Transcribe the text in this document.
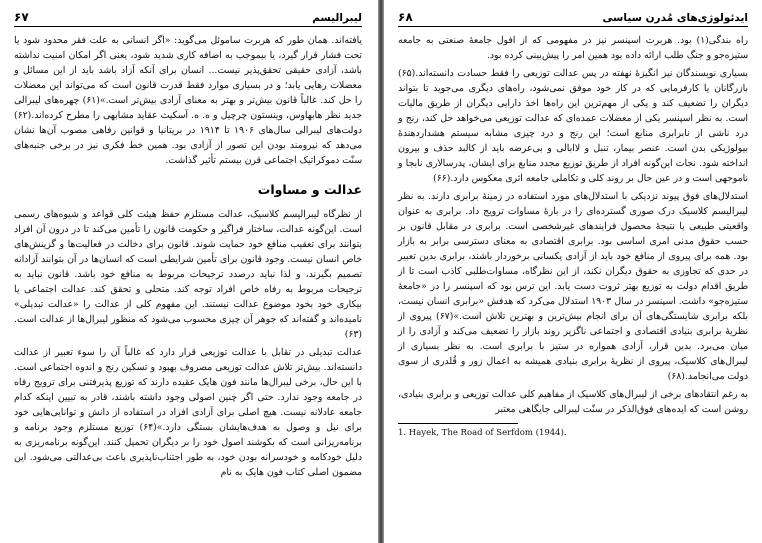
لیبرالیسم
۶۷

یافته‌اند. همان طور که هربرت ساموئل می‌گوید: «اگر انسانی به علت فقر محدود شود یا تحت فشار قرار گیرد، یا بیموجب به اضافه کاری شدید شود، یعنی اگر امکان امنیت نداشته باشد، آزادی حقیقی تحقق‌پذیر نیست... انسان برای آنکه آزاد باشد باید از این مسائل و معضلات رهایی یابد؛ و در بسیاری موارد فقط قدرت قانون است که می‌تواند این معضلات را حل کند. غالباً قانون بیش‌تر و بهتر به معنای آزادی بیش‌تر است.»(۶۱) چهره‌های لیبرالی جدید نظر هابهاوس، وینستون چرچیل و ه. ه. آسکیث عقاید مشابهی را مطرح کرده‌اند.(۶۲) دولت‌های لیبرالی سال‌های ۱۹۰۶ تا ۱۹۱۴ در بریتانیا و قوانین رفاهی مصوب آن‌ها نشان می‌دهد که نیرومند بودن این تصور از آزادی بود. همین خط فکری نیز در برخی جنبه‌های سنّت دموکراتیک اجتماعی قرن بیستم تأثیر گذاشت.

عدالت و مساوات

از نظرگاه لیبرالیسم کلاسیک، عدالت مستلزم حفظ هیئت کلی قواعد و شیوه‌های رسمی است. این‌گونه عدالت، ساختار فراگیر و حکومت قانون را تأمین می‌کند تا در درون آن افراد بتوانند برای تعقیب منافع خود حمایت شوند. قانون برای دخالت در فعالیت‌ها و گزینش‌های خاص انسان نیست. وجود قانون برای تأمین شرایطی است که انسان‌ها در آن بتوانند آزادانه تصمیم بگیرند، و لذا نباید درصدد ترجیحات مربوط به منافع خود باشد. قانون نباید به ترجیحات مربوط به رفاه خاص افراد توجه کند. متحلی و تحقق کند. عدالت اجتماعی یا بیکاری خود بخود موضوع عدالت نیستند. این مفهوم کلی از عدالت را «عدالت تبدیلی» نامیده‌اند و گفته‌اند که جوهر آن چیزی محسوب می‌شود که منظور لیبرال‌ها از عدالت است.(۶۳)

عدالت تبدیلی در تقابل با عدالت توزیعی قرار دارد که غالباً آن را سوء تعبیر از عدالت دانسته‌اند. بیش‌تر تلاش عدالت توزیعی مصروف بهبود و تسکین رنج و اندوه اجتماعی است. با این حال، برخی لیبرال‌ها مانند فون هایک عقیده دارند که توزیع پذیرفتنی برای ترویج رفاه در جامعه وجود ندارد. حتی اگر چنین اصولی وجود داشته باشند، قادر به تبیین اینکه کدام جامعه عادلانه نیست. هیچ اصلی برای آزادی افراد در استفاده از دانش و توانایی‌هایی خود برای نیل و وصول به هدف‌هایشان بستگی دارد.»(۶۴) توزیع مستلزم وجود برنامه و برنامه‌ریزانی است که بکوشند اصول خود را بر دیگران تحمیل کنند. این‌گونه برنامه‌ریزی به دلیل خودکامه و خودسرانه بودن خود، به طور اجتناب‌ناپذیری باعث بی‌عدالتی می‌شود. این مضمون اصلی کتاب فون هایک به نام

ایدئولوژی‌های مُدرن سیاسی
۶۸

راه بندگی(۱) بود. هربرت اسپنسر نیز در مفهومی که از افول جامعهٔ صنعتی به جامعه ستیزه‌جو و جنگ طلب ارائه داده بود همین امر را پیش‌بینی کرده بود.

بسیاری نویسندگان نیز انگیزهٔ نهفته در پس عدالت توزیعی را فقط حسادت دانسته‌اند.(۶۵) بازرگانان یا کارفرمایی که در کار خود موفق نمی‌شود، راه‌های دیگری می‌جوید تا بتواند دیگران را تضعیف کند و یکی از مهم‌ترین این راه‌ها اخذ دارایی دیگران از طریق مالیات است. به نظر اسپنسر یکی از معضلات عمده‌ای که عدالت توزیعی می‌خواهد حل کند، رنج و درد ناشی از نابرابری منابع است؛ این رنج و درد چیزی مشابه سیستم هشداردهندهٔ بیولوژیکی بدن است. عنصر بیمار، تنبل و لاابالی و بی‌عرضه باید از کالبد حذف و بیرون انداخته شود. نجات این‌گونه افراد از طریق توزیع مجدد منابع برای ایشان، پدرسالاری نابجا و ناموجهی است و در عین حال بر روند کلی و تکاملی جامعه اثری معکوس دارد.(۶۶)

استدلال‌های فوق پیوند نزدیکی با استدلال‌های مورد استفاده در زمینهٔ برابری دارند. به نظر لیبرالیسم کلاسیک درک صوری گسترده‌ای را در بارهٔ مساوات ترویج داد. برابری به عنوان واقعیتی طبیعی یا نتیجهٔ محصول فرایندهای غیرشخصی است. برابری در مقابل قانون بر حسب حقوق مدنی امری اساسی بود. برابری اقتصادی به معنای دسترسی برابر به بازار بود. همه برای پیروی از منافع خود باید از آزادی یکسانی برخوردار باشند، برابری بدین تعبیر در حدی که تجاوزی به حقوق دیگران نکند، از این نظرگاه، مساوات‌طلبی کاذب است تا از طریق اقدام دولت به توزیع بهتر ثروت دست یابد. این ترس بود که اسپنسر را در «جامعهٔ ستیزه‌جو» داشت. اسپنسر در سال ۱۹۰۳ استدلال می‌کرد که هدفش «برابری انسان نیست، بلکه برابری شایستگی‌های آن برای انجام بیش‌ترین و بهترین تلاش است.»(۶۷) پیروی از نظریهٔ برابری بنیادی اقتصادی و اجتماعی ناگزیر روند بازار را تضعیف می‌کند و آزادی را از میان می‌برد. بدین قرار، آزادی همواره در ستیز با برابری است. به نظر بسیاری از لیبرال‌های کلاسیک، پیروی از نظریهٔ برابری بنیادی همیشه به اعمال زور و قُلدری از سوی دولت می‌انجامد.(۶۸)

به رغم انتقادهای برخی از لیبرال‌های کلاسیک از مفاهیم کلی عدالت توزیعی و برابری بنیادی، روشن است که ایده‌های فوق‌الذکر در سنّت لیبرالی جایگاهی معتبر

1. Hayek, The Road of Serfdom (1944).
